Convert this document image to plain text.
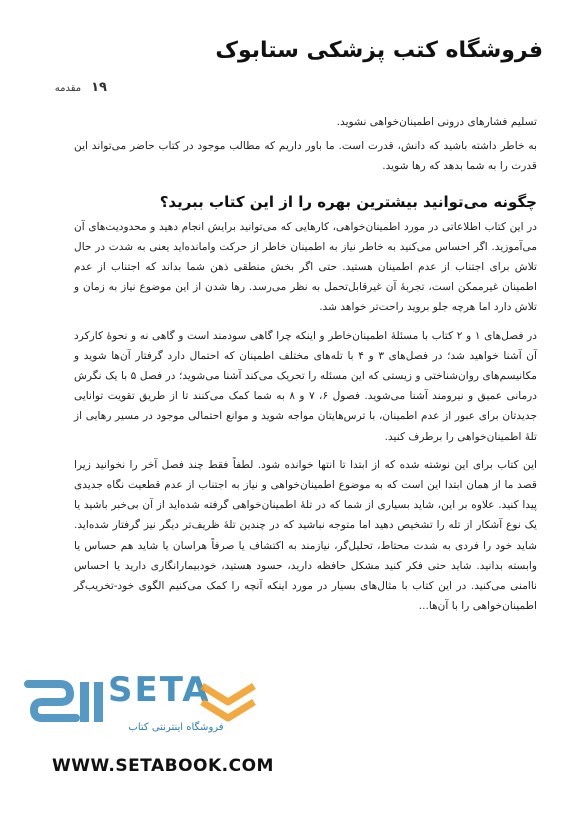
فروشگاه کتب پزشکی ستابوک
۱۹
مقدمه

تسلیم فشارهای درونی اطمینان‌خواهی نشوید.

به خاطر داشته باشید که دانش، قدرت است. ما باور داریم که مطالب موجود در کتاب حاضر می‌تواند این قدرت را به شما بدهد که رها شوید.

چگونه می‌توانید بیشترین بهره را از این کتاب ببرید؟

در این کتاب اطلاعاتی در مورد اطمینان‌خواهی، کارهایی که می‌توانید برایش انجام دهید و محدودیت‌های آن می‌آموزید. اگر احساس می‌کنید به خاطر نیاز به اطمینان خاطر از حرکت وامانده‌اید یعنی به شدت در حال تلاش برای اجتناب از عدم اطمینان هستید. حتی اگر بخش منطقی ذهن شما بداند که اجتناب از عدم اطمینان غیرممکن است، تجربهٔ آن غیرقابل‌تحمل به نظر می‌رسد. رها شدن از این موضوع نیاز به زمان و تلاش دارد اما هرچه جلو بروید راحت‌تر خواهد شد.

در فصل‌های ۱ و ۲ کتاب با مسئلهٔ اطمینان‌خاطر و اینکه چرا گاهی سودمند است و گاهی نه و نحوهٔ کارکرد آن آشنا خواهید شد؛ در فصل‌های ۳ و ۴ با تله‌های مختلف اطمینان که احتمال دارد گرفتار آن‌ها شوید و مکانیسم‌های روان‌شناختی و زیستی که این مسئله را تحریک می‌کند آشنا می‌شوید؛ در فصل ۵ با یک نگرش درمانی عمیق و نیرومند آشنا می‌شوید. فصول ۶، ۷ و ۸ به شما کمک می‌کنند تا از طریق تقویت توانایی جدیدتان برای عبور از عدم اطمینان، با ترس‌هایتان مواجه شوید و موانع احتمالی موجود در مسیر رهایی از تلهٔ اطمینان‌خواهی را برطرف کنید.

این کتاب برای این نوشته شده که از ابتدا تا انتها خوانده شود. لطفاً فقط چند فصل آخر را نخوانید زیرا قصد ما از همان ابتدا این است که به موضوع اطمینان‌خواهی و نیاز به اجتناب از عدم قطعیت نگاه جدیدی پیدا کنید. علاوه بر این، شاید بسیاری از شما که در تلهٔ اطمینان‌خواهی گرفته شده‌اید از آن بی‌خبر باشید یا یک نوع آشکار از تله را تشخیص دهید اما متوجه نباشید که در چندین تلهٔ ظریف‌تر دیگر نیز گرفتار شده‌اید. شاید خود را فردی به شدت محتاط، تحلیل‌گر، نیازمند به اکتشاف یا صرفاً هراسان یا شاید هم حساس یا وابسته بدانید. شاید حتی فکر کنید مشکل حافظه دارید، حسود هستید، خودبیمارانگاری دارید یا احساس ناامنی می‌کنید. در این کتاب با مثال‌های بسیار در مورد اینکه آنچه را کمک می‌کنیم الگوی خود-تخریب‌گر اطمینان‌خواهی را با آن‌ها...

SETA
فروشگاه اینترنتی کتاب
WWW.SETABOOK.COM
